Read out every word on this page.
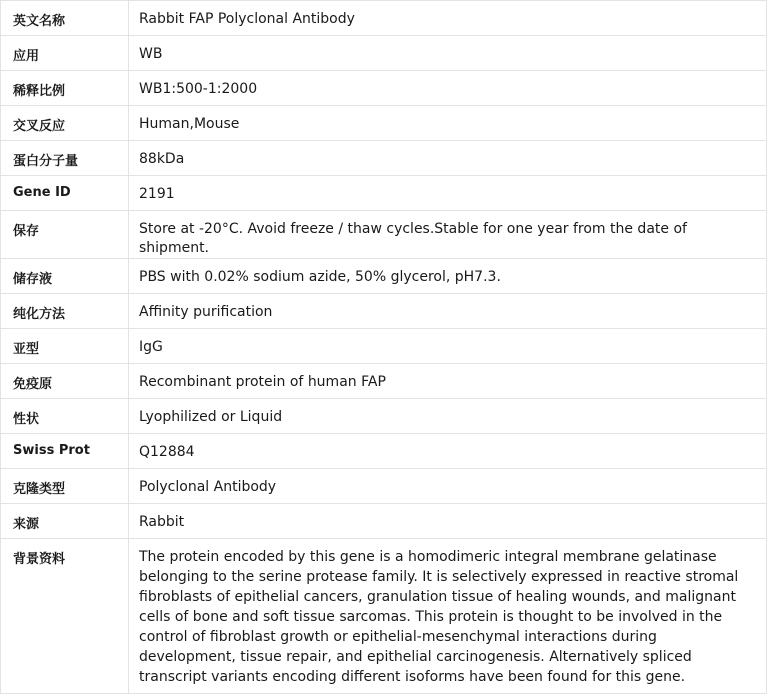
英文名称	Rabbit FAP Polyclonal Antibody
应用	WB
稀释比例	WB1:500-1:2000
交叉反应	Human,Mouse
蛋白分子量	88kDa
Gene ID	2191
保存	Store at -20°C. Avoid freeze / thaw cycles.Stable for one year from the date of shipment.
储存液	PBS with 0.02% sodium azide, 50% glycerol, pH7.3.
纯化方法	Affinity purification
亚型	IgG
免疫原	Recombinant protein of human FAP
性状	Lyophilized or Liquid
Swiss Prot	Q12884
克隆类型	Polyclonal Antibody
来源	Rabbit
背景资料	The protein encoded by this gene is a homodimeric integral membrane gelatinase belonging to the serine protease family. It is selectively expressed in reactive stromal fibroblasts of epithelial cancers, granulation tissue of healing wounds, and malignant cells of bone and soft tissue sarcomas. This protein is thought to be involved in the control of fibroblast growth or epithelial-mesenchymal interactions during development, tissue repair, and epithelial carcinogenesis. Alternatively spliced transcript variants encoding different isoforms have been found for this gene.
